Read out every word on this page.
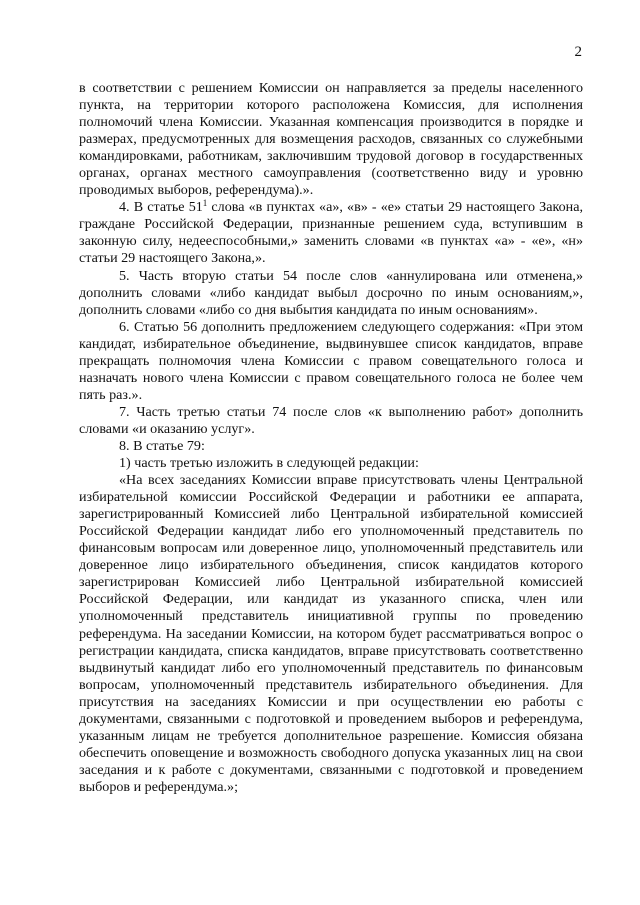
2

в соответствии с решением Комиссии он направляется за пределы населенного пункта, на территории которого расположена Комиссия, для исполнения полномочий члена Комиссии. Указанная компенсация производится в порядке и размерах, предусмотренных для возмещения расходов, связанных со служебными командировками, работникам, заключившим трудовой договор в государственных органах, органах местного самоуправления (соответственно виду и уровню проводимых выборов, референдума).».

4. В статье $51^1$ слова «в пунктах «а», «в» - «е» статьи 29 настоящего Закона, граждане Российской Федерации, признанные решением суда, вступившим в законную силу, недееспособными,» заменить словами «в пунктах «а» - «е», «н» статьи 29 настоящего Закона,».

5. Часть вторую статьи 54 после слов «аннулирована или отменена,» дополнить словами «либо кандидат выбыл досрочно по иным основаниям,», дополнить словами «либо со дня выбытия кандидата по иным основаниям».

6. Статью 56 дополнить предложением следующего содержания: «При этом кандидат, избирательное объединение, выдвинувшее список кандидатов, вправе прекращать полномочия члена Комиссии с правом совещательного голоса и назначать нового члена Комиссии с правом совещательного голоса не более чем пять раз.».

7. Часть третью статьи 74 после слов «к выполнению работ» дополнить словами «и оказанию услуг».

8. В статье 79:

1) часть третью изложить в следующей редакции:

«На всех заседаниях Комиссии вправе присутствовать члены Центральной избирательной комиссии Российской Федерации и работники ее аппарата, зарегистрированный Комиссией либо Центральной избирательной комиссией Российской Федерации кандидат либо его уполномоченный представитель по финансовым вопросам или доверенное лицо, уполномоченный представитель или доверенное лицо избирательного объединения, список кандидатов которого зарегистрирован Комиссией либо Центральной избирательной комиссией Российской Федерации, или кандидат из указанного списка, член или уполномоченный представитель инициативной группы по проведению референдума. На заседании Комиссии, на котором будет рассматриваться вопрос о регистрации кандидата, списка кандидатов, вправе присутствовать соответственно выдвинутый кандидат либо его уполномоченный представитель по финансовым вопросам, уполномоченный представитель избирательного объединения. Для присутствия на заседаниях Комиссии и при осуществлении ею работы с документами, связанными с подготовкой и проведением выборов и референдума, указанным лицам не требуется дополнительное разрешение. Комиссия обязана обеспечить оповещение и возможность свободного допуска указанных лиц на свои заседания и к работе с документами, связанными с подготовкой и проведением выборов и референдума.»;
